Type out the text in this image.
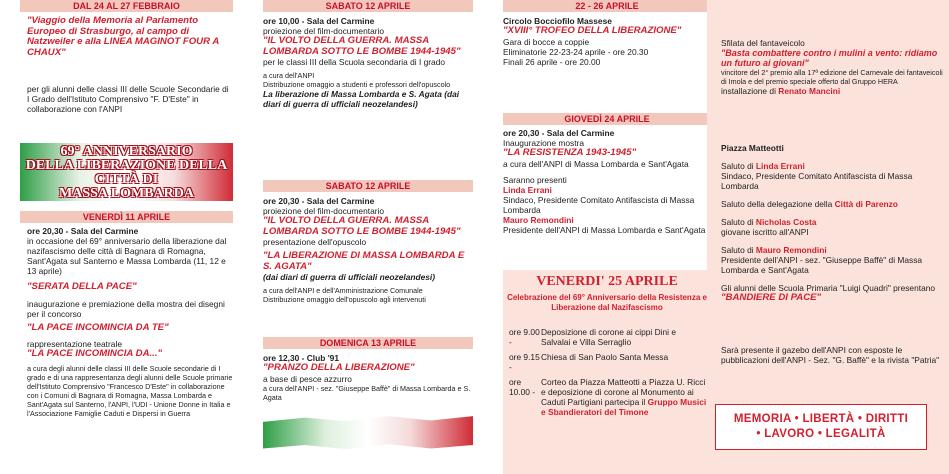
DAL 24 AL 27 FEBBRAIO
"Viaggio della Memoria al Parlamento Europeo di Strasburgo, al campo di Natzweiler e alla LINEA MAGINOT FOUR A CHAUX"
per gli alunni delle classi III delle Scuole Secondarie di I Grado dell'Istituto Comprensivo "F. D'Este" in collaborazione con l'ANPI
69° ANNIVERSARIO
DELLA LIBERAZIONE DELLA
CITTÀ DI
MASSA LOMBARDA
VENERDÌ 11 APRILE
ore 20,30 - Sala del Carmine
in occasione del 69° anniversario della liberazione dal nazifascismo delle città di Bagnara di Romagna, Sant'Agata sul Santerno e Massa Lombarda (11, 12 e 13 aprile)
"SERATA DELLA PACE"
inaugurazione e premiazione della mostra dei disegni per il concorso
"LA PACE INCOMINCIA DA TE"
rappresentazione teatrale
"LA PACE INCOMINCIA DA..."
a cura degli alunni delle classi III delle Scuole secondarie di I grado e di una rappresentanza degli alunni delle Scuole primarie dell'Istituto Comprensivo "Francesco D'Este" in collaborazione con i Comuni di Bagnara di Romagna, Massa Lombarda e Sant'Agata sul Santerno, l'ANPI, l'UDI - Unione Donne in Italia e l'Associazione Famiglie Caduti e Dispersi in Guerra
SABATO 12 APRILE
ore 10,00 - Sala del Carmine
proiezione del film-documentario
"IL VOLTO DELLA GUERRA. MASSA LOMBARDA SOTTO LE BOMBE 1944-1945"
per le classi III della Scuola secondaria di I grado
a cura dell'ANPI
Distribuzione omaggio a studenti e professori dell'opuscolo
La liberazione di Massa Lombarda e S. Agata (dai diari di guerra di ufficiali neozelandesi)
SABATO 12 APRILE
ore 20,30 - Sala del Carmine
proiezione del film-documentario
"IL VOLTO DELLA GUERRA. MASSA LOMBARDA SOTTO LE BOMBE 1944-1945"
presentazione dell'opuscolo
"LA LIBERAZIONE DI MASSA LOMBARDA E S. AGATA"
(dai diari di guerra di ufficiali neozelandesi)
a cura dell'ANPI e dell'Amministrazione Comunale
Distribuzione omaggio dell'opuscolo agli intervenuti
DOMENICA 13 APRILE
ore 12,30 - Club '91
"PRANZO DELLA LIBERAZIONE"
a base di pesce azzurro
a cura dell'ANPI - sez. "Giuseppe Baffè" di Massa Lombarda e S. Agata
22 - 26 APRILE
Circolo Bocciofilo Massese
"XVIII° TROFEO DELLA LIBERAZIONE"
Gara di bocce a coppie
Eliminatorie 22-23-24 aprile - ore 20.30
Finali 26 aprile - ore 20.00
GIOVEDÌ 24 APRILE
ore 20,30 - Sala del Carmine
Inaugurazione mostra
"LA RESISTENZA 1943-1945"
a cura dell'ANPI di Massa Lombarda e Sant'Agata
Saranno presenti
Linda Errani
Sindaco, Presidente Comitato Antifascista di Massa Lombarda
Mauro Remondini
Presidente dell'ANPI di Massa Lombarda e Sant'Agata
VENERDI' 25 APRILE
Celebrazione del 69° Anniversario della Resistenza e Liberazione dal Nazifascismo
ore 9.00 -
Deposizione di corone ai cippi Dini e Salvalai e Villa Serraglio
ore 9.15 -
Chiesa di San Paolo Santa Messa
ore 10.00 -
Corteo da Piazza Matteotti a Piazza U. Ricci e deposizione di corone al Monumento ai Caduti Partigiani partecipa il Gruppo Musici e Sbandieratori del Timone
Sfilata del fantaveicolo
"Basta combattere contro i mulini a vento: ridiamo un futuro ai giovani"
vincitore del 2° premio alla 17ª edizione del Carnevale dei fantaveicoli di Imola e del premio speciale offerto dal Gruppo HERA
installazione di Renato Mancini
Piazza Matteotti
Saluto di Linda Errani
Sindaco, Presidente Comitato Antifascista di Massa Lombarda
Saluto della delegazione della Città di Parenzo
Saluto di Nicholas Costa
giovane iscritto all'ANPI
Saluto di Mauro Remondini
Presidente dell'ANPI - sez. "Giuseppe Baffè" di Massa Lombarda e Sant'Agata
Gli alunni delle Scuola Primaria "Luigi Quadri" presentano
"BANDIERE DI PACE"
Sarà presente il gazebo dell'ANPI con esposte le pubblicazioni dell'ANPI - Sez. "G. Baffè" e la rivista "Patria"
MEMORIA • LIBERTÀ • DIRITTI
• LAVORO • LEGALITÀ
